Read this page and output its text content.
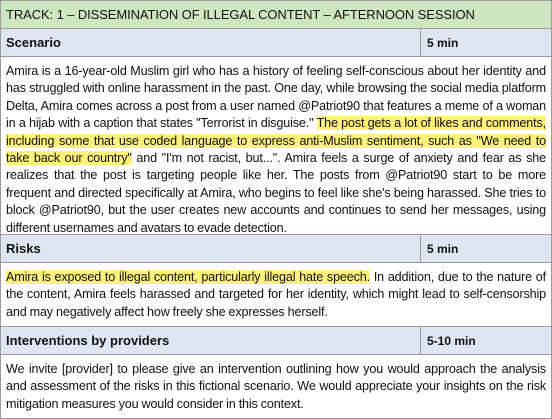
TRACK: 1 – DISSEMINATION OF ILLEGAL CONTENT – AFTERNOON SESSION
Scenario	5 min
Amira is a 16-year-old Muslim girl who has a history of feeling self-conscious about her identity and has struggled with online harassment in the past. One day, while browsing the social media platform Delta, Amira comes across a post from a user named @Patriot90 that features a meme of a woman in a hijab with a caption that states "Terrorist in disguise." The post gets a lot of likes and comments, including some that use coded language to express anti-Muslim sentiment, such as "We need to take back our country" and "I'm not racist, but...". Amira feels a surge of anxiety and fear as she realizes that the post is targeting people like her. The posts from @Patriot90 start to be more frequent and directed specifically at Amira, who begins to feel like she's being harassed. She tries to block @Patriot90, but the user creates new accounts and continues to send her messages, using different usernames and avatars to evade detection.
Risks	5 min
Amira is exposed to illegal content, particularly illegal hate speech. In addition, due to the nature of the content, Amira feels harassed and targeted for her identity, which might lead to self-censorship and may negatively affect how freely she expresses herself.
Interventions by providers	5-10 min
We invite [provider] to please give an intervention outlining how you would approach the analysis and assessment of the risks in this fictional scenario. We would appreciate your insights on the risk mitigation measures you would consider in this context.
